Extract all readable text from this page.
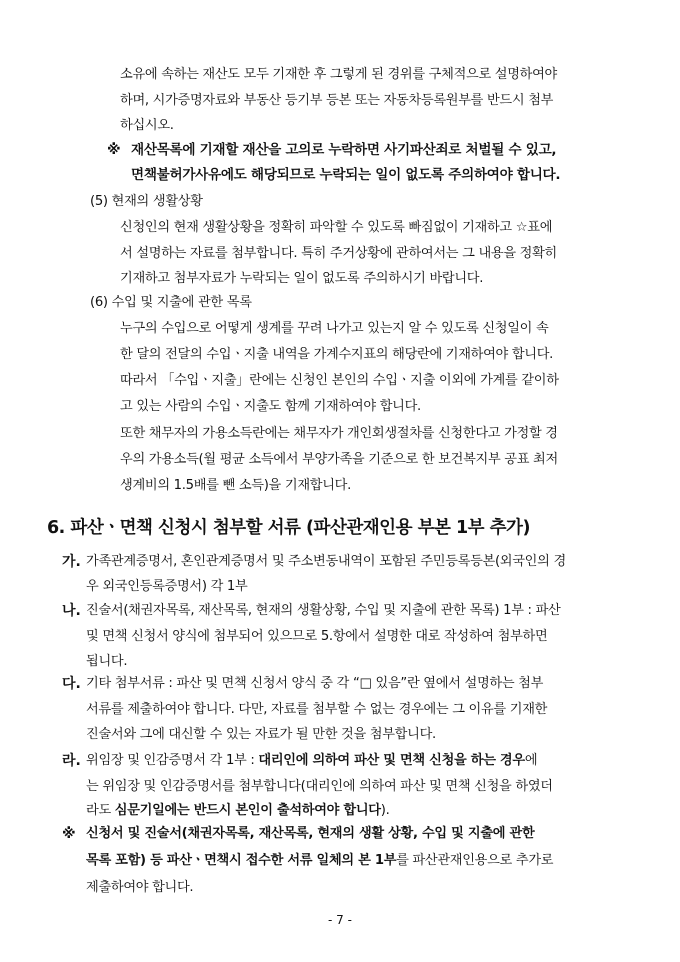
소유에 속하는 재산도 모두 기재한 후 그렇게 된 경위를 구체적으로 설명하여야
하며, 시가증명자료와 부동산 등기부 등본 또는 자동차등록원부를 반드시 첨부
하십시오.
※ 재산목록에 기재할 재산을 고의로 누락하면 사기파산죄로 처벌될 수 있고,
면책불허가사유에도 해당되므로 누락되는 일이 없도록 주의하여야 합니다.
(5) 현재의 생활상황
신청인의 현재 생활상황을 정확히 파악할 수 있도록 빠짐없이 기재하고 ☆표에
서 설명하는 자료를 첨부합니다. 특히 주거상황에 관하여서는 그 내용을 정확히
기재하고 첨부자료가 누락되는 일이 없도록 주의하시기 바랍니다.
(6) 수입 및 지출에 관한 목록
누구의 수입으로 어떻게 생계를 꾸려 나가고 있는지 알 수 있도록 신청일이 속
한 달의 전달의 수입ㆍ지출 내역을 가계수지표의 해당란에 기재하여야 합니다.
따라서 「수입ㆍ지출」란에는 신청인 본인의 수입ㆍ지출 이외에 가계를 같이하
고 있는 사람의 수입ㆍ지출도 함께 기재하여야 합니다.
또한 채무자의 가용소득란에는 채무자가 개인회생절차를 신청한다고 가정할 경
우의 가용소득(월 평균 소득에서 부양가족을 기준으로 한 보건복지부 공표 최저
생계비의 1.5배를 뺀 소득)을 기재합니다.
6. 파산ㆍ면책 신청시 첨부할 서류 (파산관재인용 부본 1부 추가)
가. 가족관계증명서, 혼인관계증명서 및 주소변동내역이 포함된 주민등록등본(외국인의 경
우 외국인등록증명서) 각 1부
나. 진술서(채권자목록, 재산목록, 현재의 생활상황, 수입 및 지출에 관한 목록) 1부 : 파산
및 면책 신청서 양식에 첨부되어 있으므로 5.항에서 설명한 대로 작성하여 첨부하면
됩니다.
다. 기타 첨부서류 : 파산 및 면책 신청서 양식 중 각 “□ 있음”란 옆에서 설명하는 첨부
서류를 제출하여야 합니다. 다만, 자료를 첨부할 수 없는 경우에는 그 이유를 기재한
진술서와 그에 대신할 수 있는 자료가 될 만한 것을 첨부합니다.
라. 위임장 및 인감증명서 각 1부 : 대리인에 의하여 파산 및 면책 신청을 하는 경우에
는 위임장 및 인감증명서를 첨부합니다(대리인에 의하여 파산 및 면책 신청을 하였더
라도 심문기일에는 반드시 본인이 출석하여야 합니다).
※ 신청서 및 진술서(채권자목록, 재산목록, 현재의 생활 상황, 수입 및 지출에 관한
목록 포함) 등 파산ㆍ면책시 접수한 서류 일체의 본 1부를 파산관재인용으로 추가로
제출하여야 합니다.
- 7 -
